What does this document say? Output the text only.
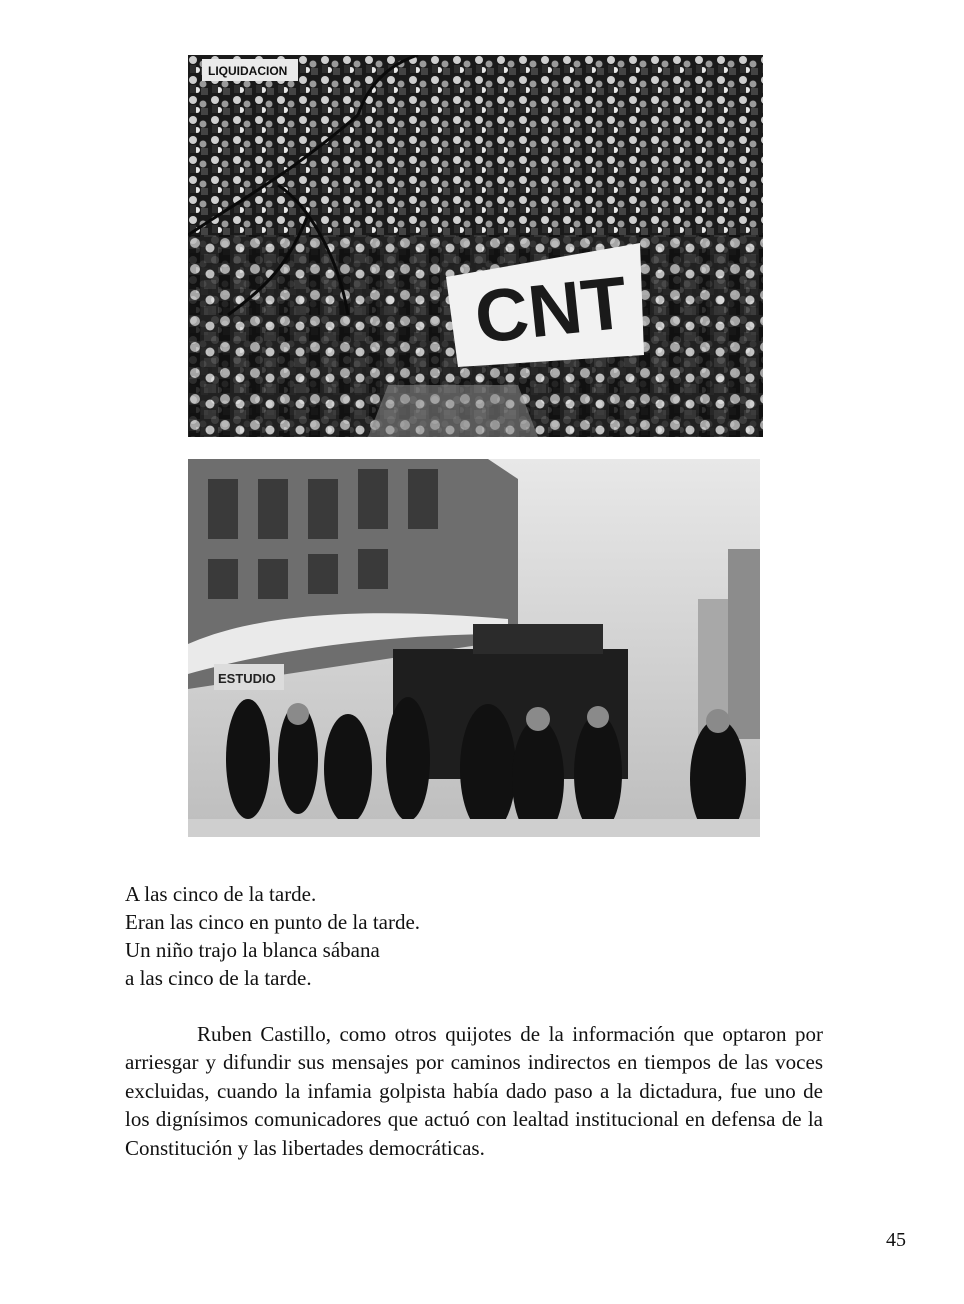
LIQUIDACION
CNT
ESTUDIO
A las cinco de la tarde.
Eran las cinco en punto de la tarde.
Un niño trajo la blanca sábana
a las cinco de la tarde.

Ruben Castillo, como otros quijotes de la información que optaron por arriesgar y difundir sus mensajes por caminos indirectos en tiempos de las voces excluidas, cuando la infamia golpista había dado paso a la dictadura, fue uno de los dignísimos comunicadores que actuó con lealtad institucional en defensa de la Constitución y las libertades democráticas.

45
